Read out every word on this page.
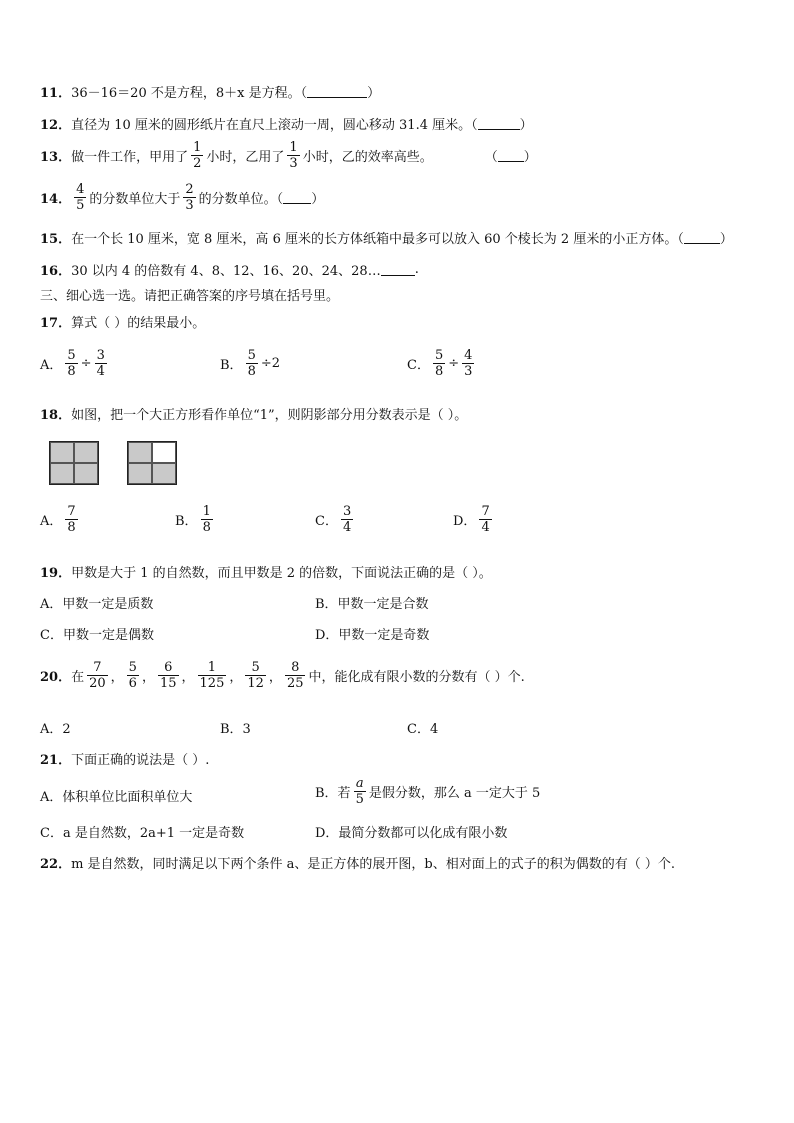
11． 36－16＝20 不是方程，8＋x 是方程。（	）
12． 直径为 10 厘米的圆形纸片在直尺上滚动一周，圆心移动 31.4 厘米。（	）
13． 做一件工作，甲用了 $\frac{1}{2}$ 小时，乙用了 $\frac{1}{3}$ 小时，乙的效率高些。	（ ）
14． $\frac{4}{5}$ 的分数单位大于 $\frac{2}{3}$ 的分数单位。（ ）
15． 在一个长 10 厘米，宽 8 厘米，高 6 厘米的长方体纸箱中最多可以放入 60 个棱长为 2 厘米的小正方体。（	）
16． 30 以内 4 的倍数有 4、8、12、16、20、24、28…	.
三、细心选一选。请把正确答案的序号填在括号里。
17． 算式（ ）的结果最小。
A． $\frac{5}{8} \div \frac{3}{4}$	B． $\frac{5}{8} \div 2$	C． $\frac{5}{8} \div \frac{4}{3}$
18． 如图，把一个大正方形看作单位“1”，则阴影部分用分数表示是（ ）。
A． $\frac{7}{8}$	B． $\frac{1}{8}$	C． $\frac{3}{4}$	D． $\frac{7}{4}$
19． 甲数是大于 1 的自然数，而且甲数是 2 的倍数，下面说法正确的是（ ）。
A．甲数一定是质数	B．甲数一定是合数
C．甲数一定是偶数	D．甲数一定是奇数
20． 在 $\frac{7}{20}$ ， $\frac{5}{6}$ ， $\frac{6}{15}$ ， $\frac{1}{125}$ ， $\frac{5}{12}$ ， $\frac{8}{25}$ 中，能化成有限小数的分数有（ ）个.
A．2	B．3	C．4
21． 下面正确的说法是（ ）.
A．体积单位比面积单位大	B．若 $\frac{a}{5}$ 是假分数，那么 a 一定大于 5
C．a 是自然数，2a+1 一定是奇数	D．最简分数都可以化成有限小数
22． m 是自然数，同时满足以下两个条件 a、是正方体的展开图，b、相对面上的式子的积为偶数的有（ ）个.
